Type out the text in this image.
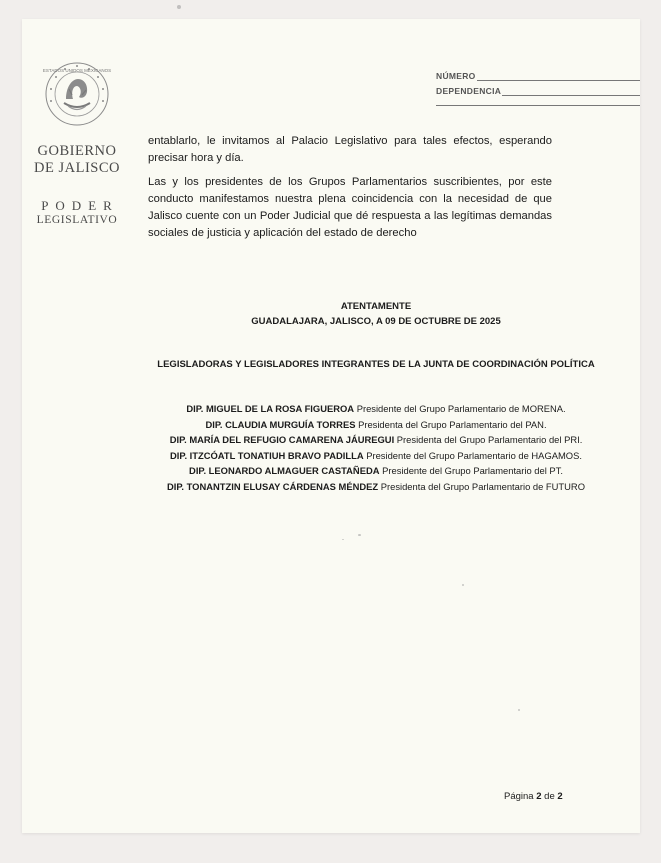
ESTADOS UNIDOS MEXICANOS
GOBIERNO
DE JALISCO
PODER
LEGISLATIVO
NÚMERO
DEPENDENCIA

entablarlo, le invitamos al Palacio Legislativo para tales efectos, esperando precisar hora y día.

Las y los presidentes de los Grupos Parlamentarios suscribientes, por este conducto manifestamos nuestra plena coincidencia con la necesidad de que Jalisco cuente con un Poder Judicial que dé respuesta a las legítimas demandas sociales de justicia y aplicación del estado de derecho

ATENTAMENTE
GUADALAJARA, JALISCO, A 09 DE OCTUBRE DE 2025
LEGISLADORAS Y LEGISLADORES INTEGRANTES DE LA JUNTA DE COORDINACIÓN POLÍTICA
DIP. MIGUEL DE LA ROSA FIGUEROA Presidente del Grupo Parlamentario de MORENA.
DIP. CLAUDIA MURGUÍA TORRES Presidenta del Grupo Parlamentario del PAN.
DIP. MARÍA DEL REFUGIO CAMARENA JÁUREGUI Presidenta del Grupo Parlamentario del PRI.
DIP. ITZCÓATL TONATIUH BRAVO PADILLA Presidente del Grupo Parlamentario de HAGAMOS.
DIP. LEONARDO ALMAGUER CASTAÑEDA Presidente del Grupo Parlamentario del PT.
DIP. TONANTZIN ELUSAY CÁRDENAS MÉNDEZ Presidenta del Grupo Parlamentario de FUTURO
Página 2 de 2
